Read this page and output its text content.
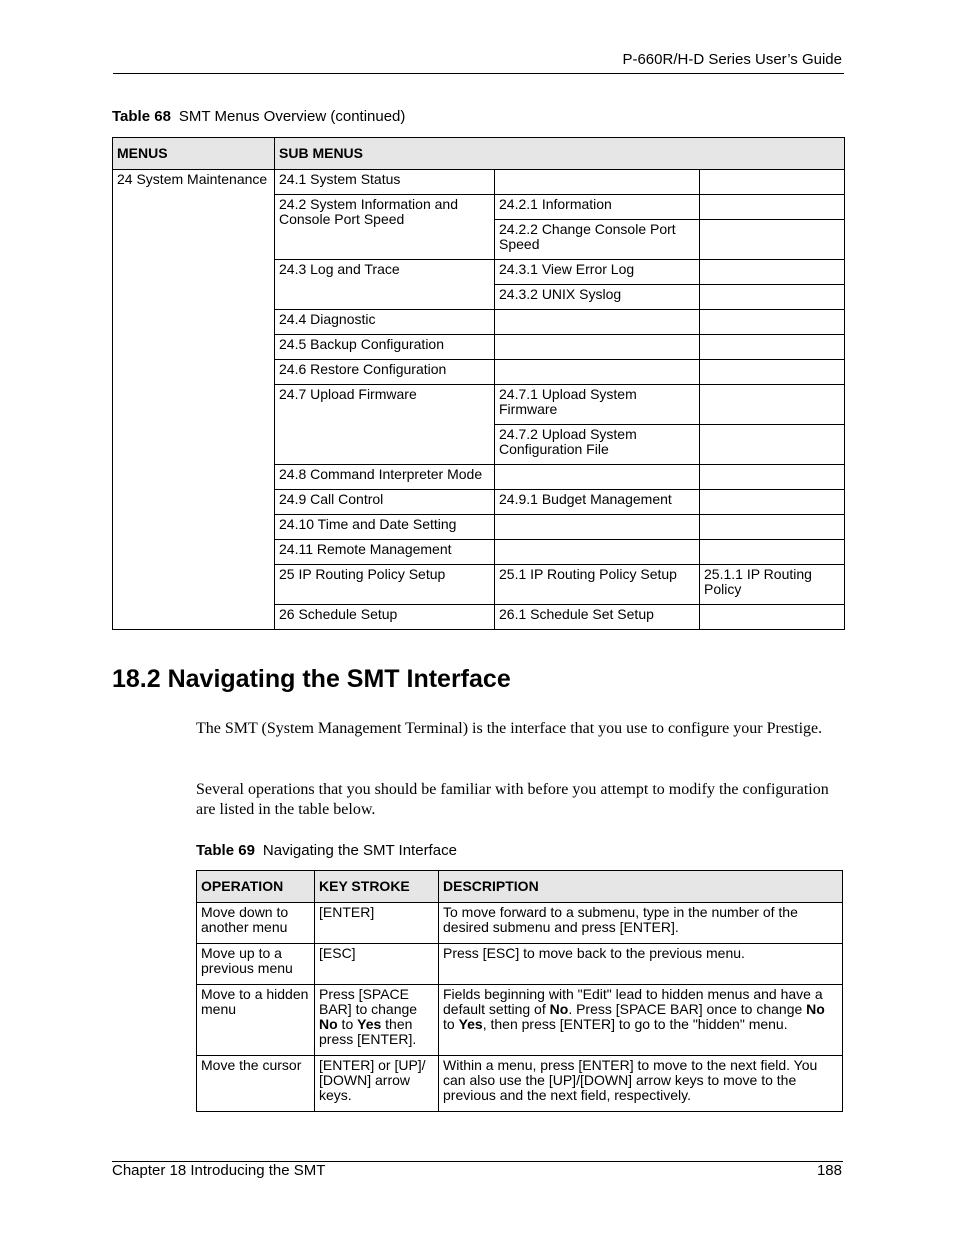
P-660R/H-D Series User’s Guide
Table 68 SMT Menus Overview (continued)
MENUS	SUB MENUS			
24 System Maintenance	24.1 System Status			
	24.2 System Information and Console Port Speed	24.2.1 Information		
		24.2.2 Change Console Port Speed		
	24.3 Log and Trace	24.3.1 View Error Log		
		24.3.2 UNIX Syslog		
	24.4 Diagnostic			
	24.5 Backup Configuration			
	24.6 Restore Configuration			
	24.7 Upload Firmware	24.7.1 Upload System Firmware		
		24.7.2 Upload System Configuration File		
	24.8 Command Interpreter Mode			
	24.9 Call Control	24.9.1 Budget Management		
	24.10 Time and Date Setting			
	24.11 Remote Management			
	25 IP Routing Policy Setup	25.1 IP Routing Policy Setup	25.1.1 IP Routing Policy	
	26 Schedule Setup	26.1 Schedule Set Setup		
18.2 Navigating the SMT Interface

The SMT (System Management Terminal) is the interface that you use to configure your Prestige.

Several operations that you should be familiar with before you attempt to modify the configuration are listed in the table below.

Table 69 Navigating the SMT Interface
OPERATION	KEY STROKE	DESCRIPTION
Move down to another menu	[ENTER]	To move forward to a submenu, type in the number of the desired submenu and press [ENTER].
Move up to a previous menu	[ESC]	Press [ESC] to move back to the previous menu.
Move to a hidden menu	Press [SPACE BAR] to change No to Yes then press [ENTER].	Fields beginning with "Edit" lead to hidden menus and have a default setting of No. Press [SPACE BAR] once to change No to Yes, then press [ENTER] to go to the "hidden" menu.
Move the cursor	[ENTER] or [UP]/ [DOWN] arrow keys.	Within a menu, press [ENTER] to move to the next field. You can also use the [UP]/[DOWN] arrow keys to move to the previous and the next field, respectively.
Chapter 18 Introducing the SMT	188
